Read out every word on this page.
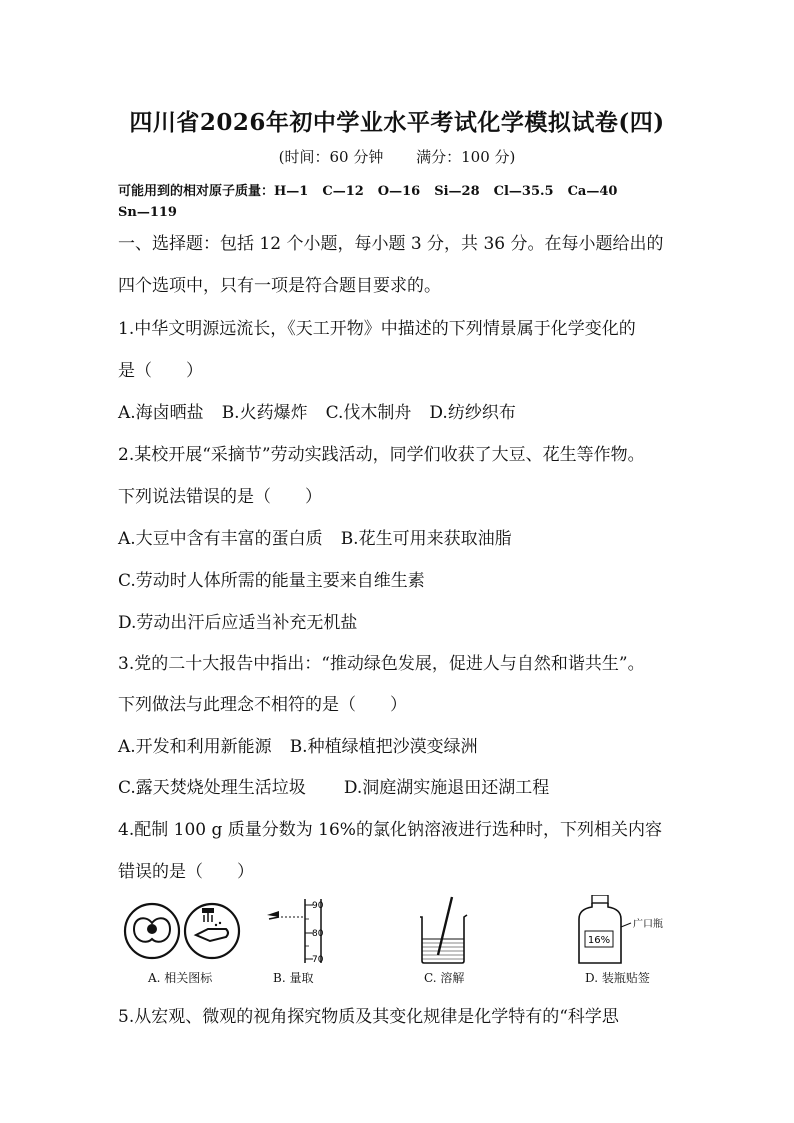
四川省2026年初中学业水平考试化学模拟试卷(四)
(时间：60 分钟 满分：100 分)
可能用到的相对原子质量：H—1 C—12 O—16 Si—28 Cl—35.5 Ca—40
Sn—119
一、选择题：包括 12 个小题，每小题 3 分，共 36 分。在每小题给出的
四个选项中，只有一项是符合题目要求的。
1.中华文明源远流长，《天工开物》中描述的下列情景属于化学变化的
是（　　）
A.海卤晒盐 B.火药爆炸 C.伐木制舟 D.纺纱织布
2.某校开展“采摘节”劳动实践活动，同学们收获了大豆、花生等作物。
下列说法错误的是（　　）
A.大豆中含有丰富的蛋白质 B.花生可用来获取油脂
C.劳动时人体所需的能量主要来自维生素
D.劳动出汗后应适当补充无机盐
3.党的二十大报告中指出：“推动绿色发展，促进人与自然和谐共生”。
下列做法与此理念不相符的是（　　）
A.开发和利用新能源 B.种植绿植把沙漠变绿洲
C.露天焚烧处理生活垃圾 D.洞庭湖实施退田还湖工程
4.配制 100 g 质量分数为 16%的氯化钠溶液进行选种时，下列相关内容
错误的是（　　）
A. 相关图标
90
80
70
B. 量取	C. 溶解
16%
广口瓶
D. 装瓶贴签
5.从宏观、微观的视角探究物质及其变化规律是化学特有的“科学思
